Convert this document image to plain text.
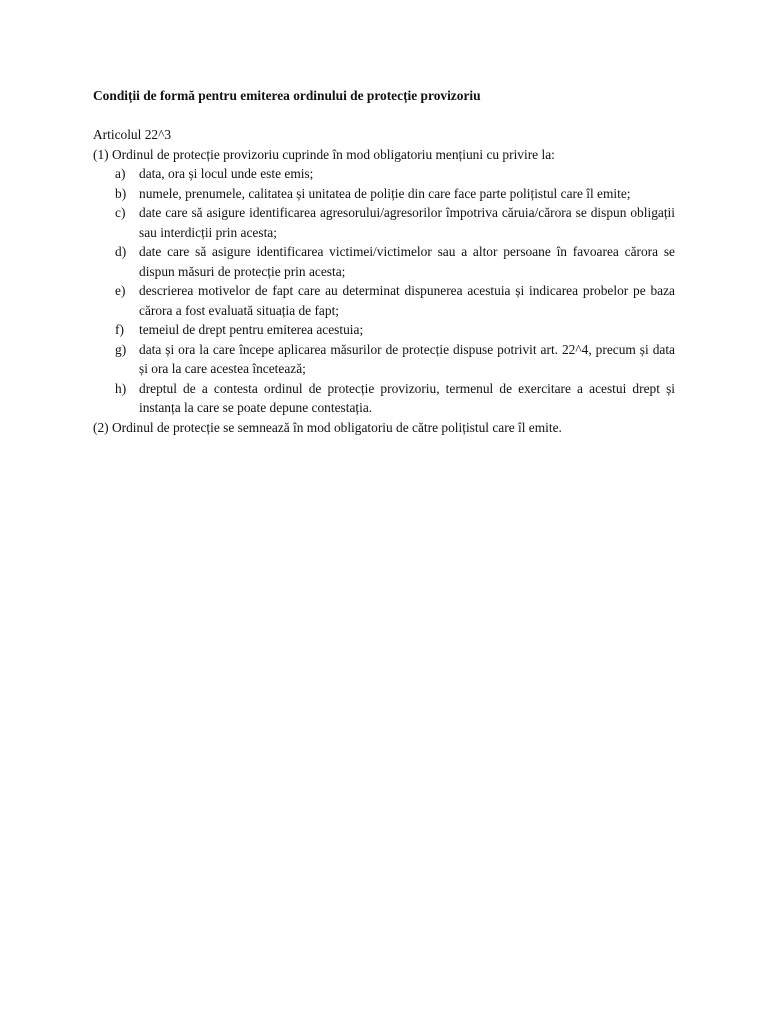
Condiții de formă pentru emiterea ordinului de protecție provizoriu

Articolul 22^3

(1) Ordinul de protecție provizoriu cuprinde în mod obligatoriu mențiuni cu privire la:

a) data, ora și locul unde este emis;
b) numele, prenumele, calitatea și unitatea de poliție din care face parte polițistul care îl emite;
c) date care să asigure identificarea agresorului/agresorilor împotriva căruia/cărora se dispun obligații sau interdicții prin acesta;
d) date care să asigure identificarea victimei/victimelor sau a altor persoane în favoarea cărora se dispun măsuri de protecție prin acesta;
e) descrierea motivelor de fapt care au determinat dispunerea acestuia și indicarea probelor pe baza cărora a fost evaluată situația de fapt;
f) temeiul de drept pentru emiterea acestuia;
g) data și ora la care începe aplicarea măsurilor de protecție dispuse potrivit art. 22^4, precum și data și ora la care acestea încetează;
h) dreptul de a contesta ordinul de protecție provizoriu, termenul de exercitare a acestui drept și instanța la care se poate depune contestația.

(2) Ordinul de protecție se semnează în mod obligatoriu de către polițistul care îl emite.
